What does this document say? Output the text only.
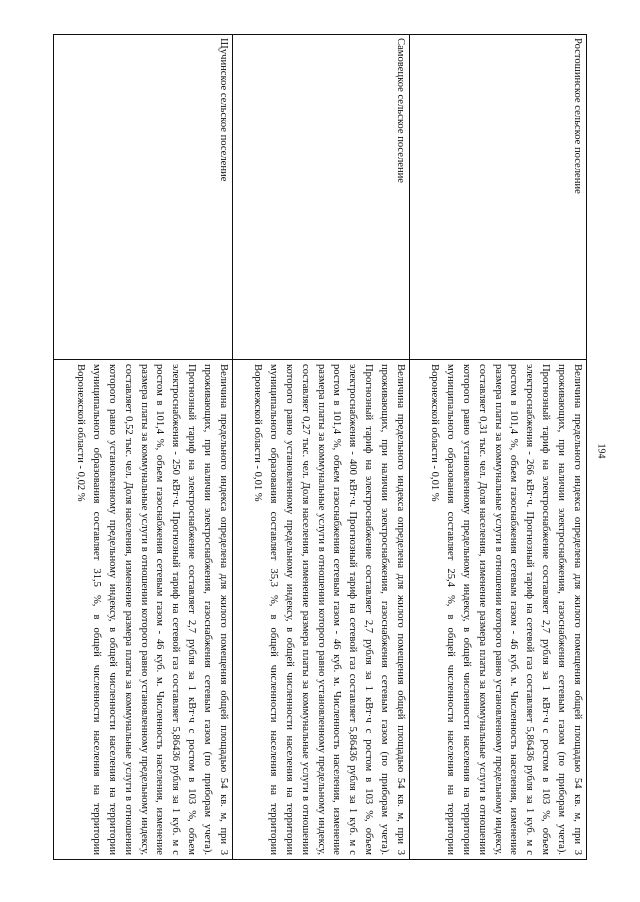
194
Ростошинское сельское поселение	Величина предельного индекса определена для жилого помещения общей площадью 54 кв. м, при 3 проживающих, при наличии электроснабжения, газоснабжения сетевым газом (по приборам учета). Прогнозный тариф на электроснабжение составляет 2,7 рубля за 1 кВт·ч с ростом в 103 %, объем электроснабжения - 266 кВт·ч. Прогнозный тариф на сетевой газ составляет 5,86436 рубля за 1 куб. м с ростом в 101,4 %, объем газоснабжения сетевым газом - 46 куб. м. Численность населения, изменение размера платы за коммунальные услуги в отношении которого равно установленному предельному индексу, составляет 0,31 тыс. чел. Доля населения, изменение размера платы за коммунальные услуги в отношении которого равно установленному предельному индексу, в общей численности населения на территории муниципального образования составляет 25,4 %, в общей численности населения на территории Воронежской области - 0,01 %
Самовецкое сельское поселение	Величина предельного индекса определена для жилого помещения общей площадью 54 кв. м, при 3 проживающих, при наличии электроснабжения, газоснабжения сетевым газом (по приборам учета). Прогнозный тариф на электроснабжение составляет 2,7 рубля за 1 кВт·ч с ростом в 103 %, объем электроснабжения - 400 кВт·ч. Прогнозный тариф на сетевой газ составляет 5,86436 рубля за 1 куб. м с ростом в 101,4 %, объем газоснабжения сетевым газом - 46 куб. м. Численность населения, изменение размера платы за коммунальные услуги в отношении которого равно установленному предельному индексу, составляет 0,27 тыс. чел. Доля населения, изменение размера платы за коммунальные услуги в отношении которого равно установленному предельному индексу, в общей численности населения на территории муниципального образования составляет 35,3 %, в общей численности населения на территории Воронежской области - 0,01 %
Щучинское сельское поселение	Величина предельного индекса определена для жилого помещения общей площадью 54 кв. м, при 3 проживающих, при наличии электроснабжения, газоснабжения сетевым газом (по приборам учета). Прогнозный тариф на электроснабжение составляет 2,7 рубля за 1 кВт·ч с ростом в 103 %, объем электроснабжения - 250 кВт·ч. Прогнозный тариф на сетевой газ составляет 5,86436 рубля за 1 куб. м с ростом в 101,4 %, объем газоснабжения сетевым газом - 46 куб. м. Численность населения, изменение размера платы за коммунальные услуги в отношении которого равно установленному предельному индексу, составляет 0,52 тыс. чел. Доля населения, изменение размера платы за коммунальные услуги в отношении которого равно установленному предельному индексу, в общей численности населения на территории муниципального образования составляет 31,5 %, в общей численности населения на территории Воронежской области - 0,02 %
